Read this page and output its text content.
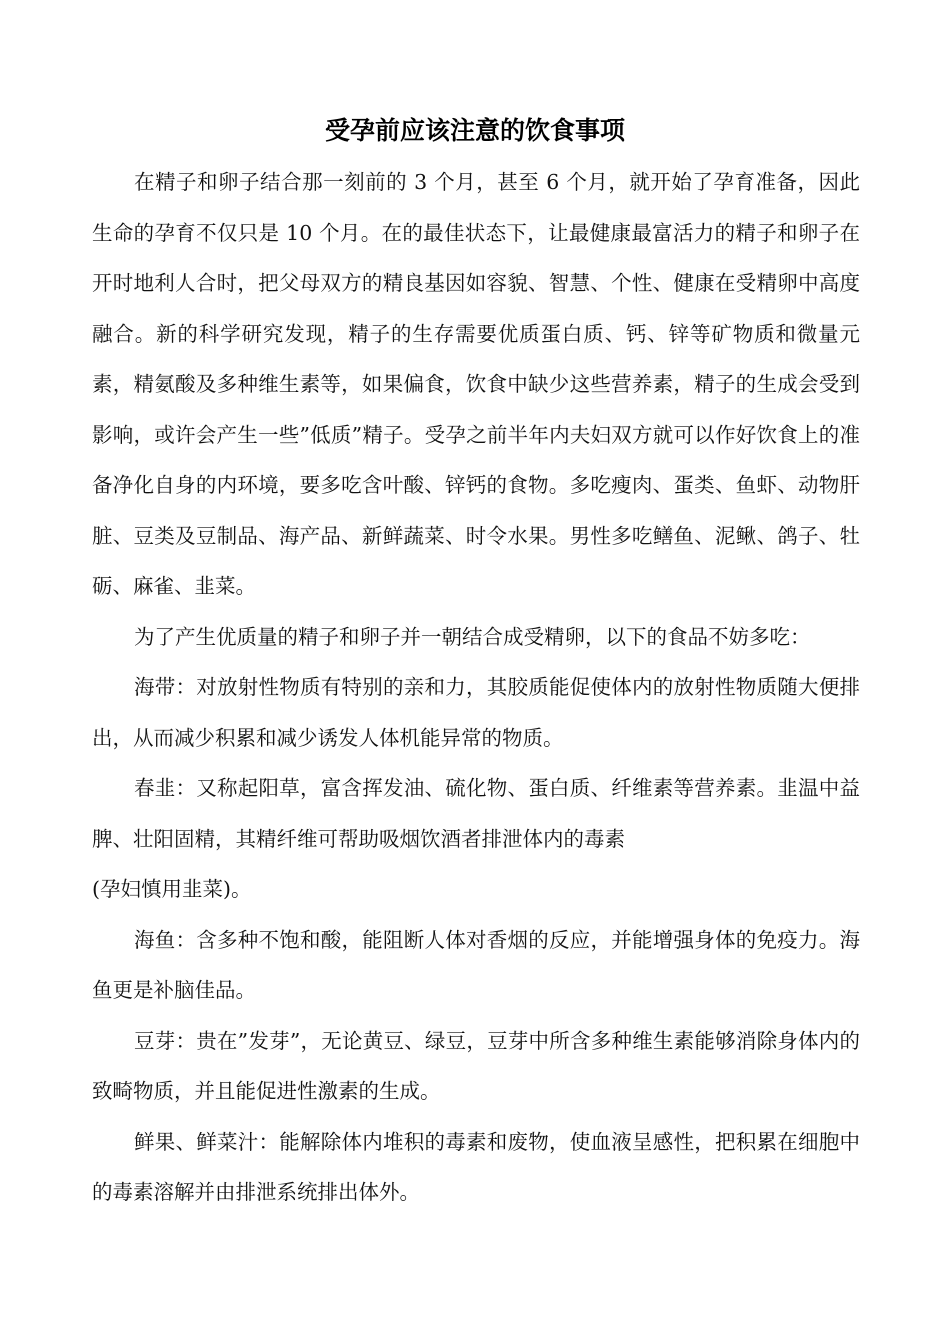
受孕前应该注意的饮食事项

在精子和卵子结合那一刻前的 3 个月，甚至 6 个月，就开始了孕育准备，因此生命的孕育不仅只是 10 个月。在的最佳状态下，让最健康最富活力的精子和卵子在开时地利人合时，把父母双方的精良基因如容貌、智慧、个性、健康在受精卵中高度融合。新的科学研究发现，精子的生存需要优质蛋白质、钙、锌等矿物质和微量元素，精氨酸及多种维生素等，如果偏食，饮食中缺少这些营养素，精子的生成会受到影响，或许会产生一些”低质”精子。受孕之前半年内夫妇双方就可以作好饮食上的准备净化自身的内环境，要多吃含叶酸、锌钙的食物。多吃瘦肉、蛋类、鱼虾、动物肝脏、豆类及豆制品、海产品、新鲜蔬菜、时令水果。男性多吃鳝鱼、泥鳅、鸽子、牡砺、麻雀、韭菜。

为了产生优质量的精子和卵子并一朝结合成受精卵，以下的食品不妨多吃：

海带：对放射性物质有特别的亲和力，其胶质能促使体内的放射性物质随大便排出，从而减少积累和减少诱发人体机能异常的物质。

春韭：又称起阳草，富含挥发油、硫化物、蛋白质、纤维素等营养素。韭温中益脾、壮阳固精，其精纤维可帮助吸烟饮酒者排泄体内的毒素

(孕妇慎用韭菜)。

海鱼：含多种不饱和酸，能阻断人体对香烟的反应，并能增强身体的免疫力。海鱼更是补脑佳品。

豆芽：贵在”发芽”，无论黄豆、绿豆，豆芽中所含多种维生素能够消除身体内的致畸物质，并且能促进性激素的生成。

鲜果、鲜菜汁：能解除体内堆积的毒素和废物，使血液呈感性，把积累在细胞中的毒素溶解并由排泄系统排出体外。
